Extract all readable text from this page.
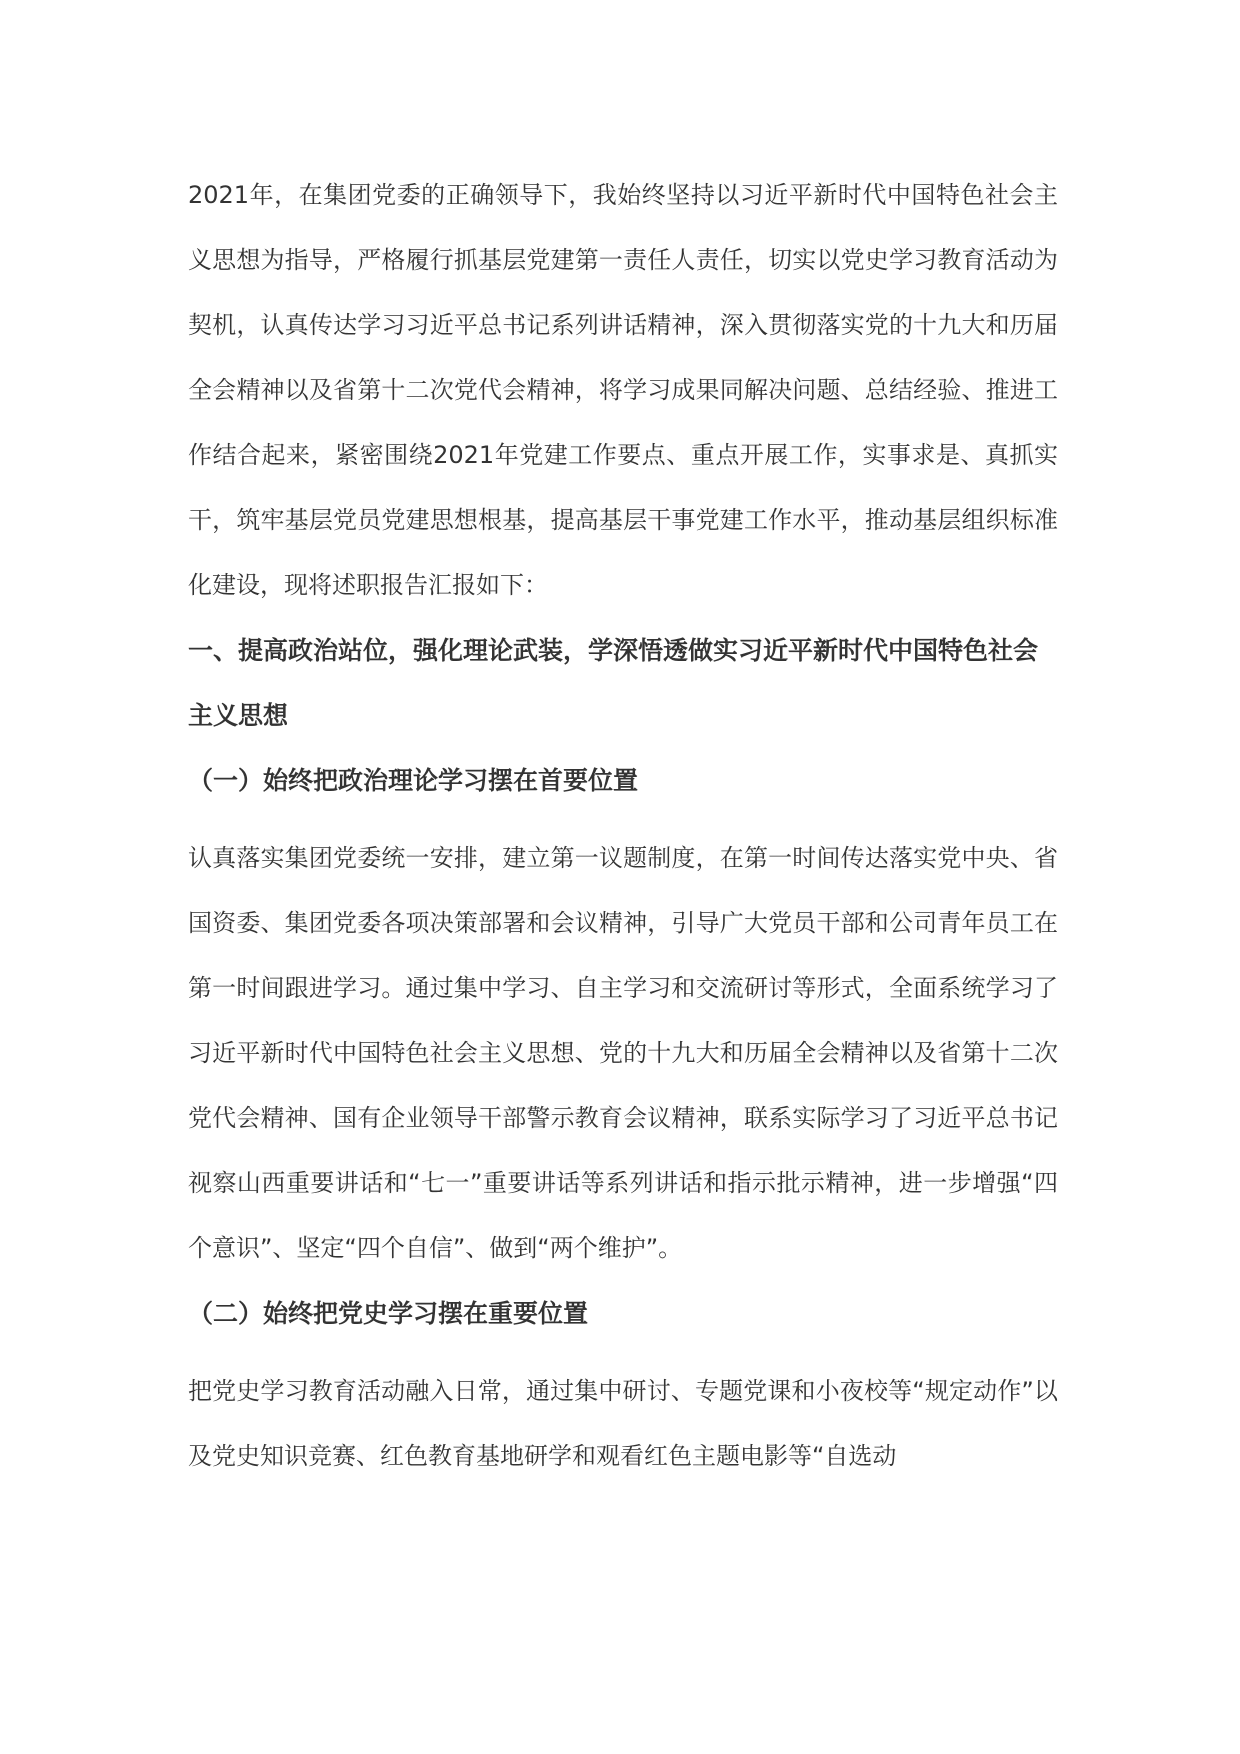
2021年，在集团党委的正确领导下，我始终坚持以习近平新时代中国特色社会主义思想为指导，严格履行抓基层党建第一责任人责任，切实以党史学习教育活动为契机，认真传达学习习近平总书记系列讲话精神，深入贯彻落实党的十九大和历届全会精神以及省第十二次党代会精神，将学习成果同解决问题、总结经验、推进工作结合起来，紧密围绕2021年党建工作要点、重点开展工作，实事求是、真抓实干，筑牢基层党员党建思想根基，提高基层干事党建工作水平，推动基层组织标准化建设，现将述职报告汇报如下：

一、提高政治站位，强化理论武装，学深悟透做实习近平新时代中国特色社会主义思想
（一）始终把政治理论学习摆在首要位置

认真落实集团党委统一安排，建立第一议题制度，在第一时间传达落实党中央、省国资委、集团党委各项决策部署和会议精神，引导广大党员干部和公司青年员工在第一时间跟进学习。通过集中学习、自主学习和交流研讨等形式，全面系统学习了习近平新时代中国特色社会主义思想、党的十九大和历届全会精神以及省第十二次党代会精神、国有企业领导干部警示教育会议精神，联系实际学习了习近平总书记视察山西重要讲话和“七一”重要讲话等系列讲话和指示批示精神，进一步增强“四个意识”、坚定“四个自信”、做到“两个维护”。

（二）始终把党史学习摆在重要位置

把党史学习教育活动融入日常，通过集中研讨、专题党课和小夜校等“规定动作”以及党史知识竞赛、红色教育基地研学和观看红色主题电影等“自选动
